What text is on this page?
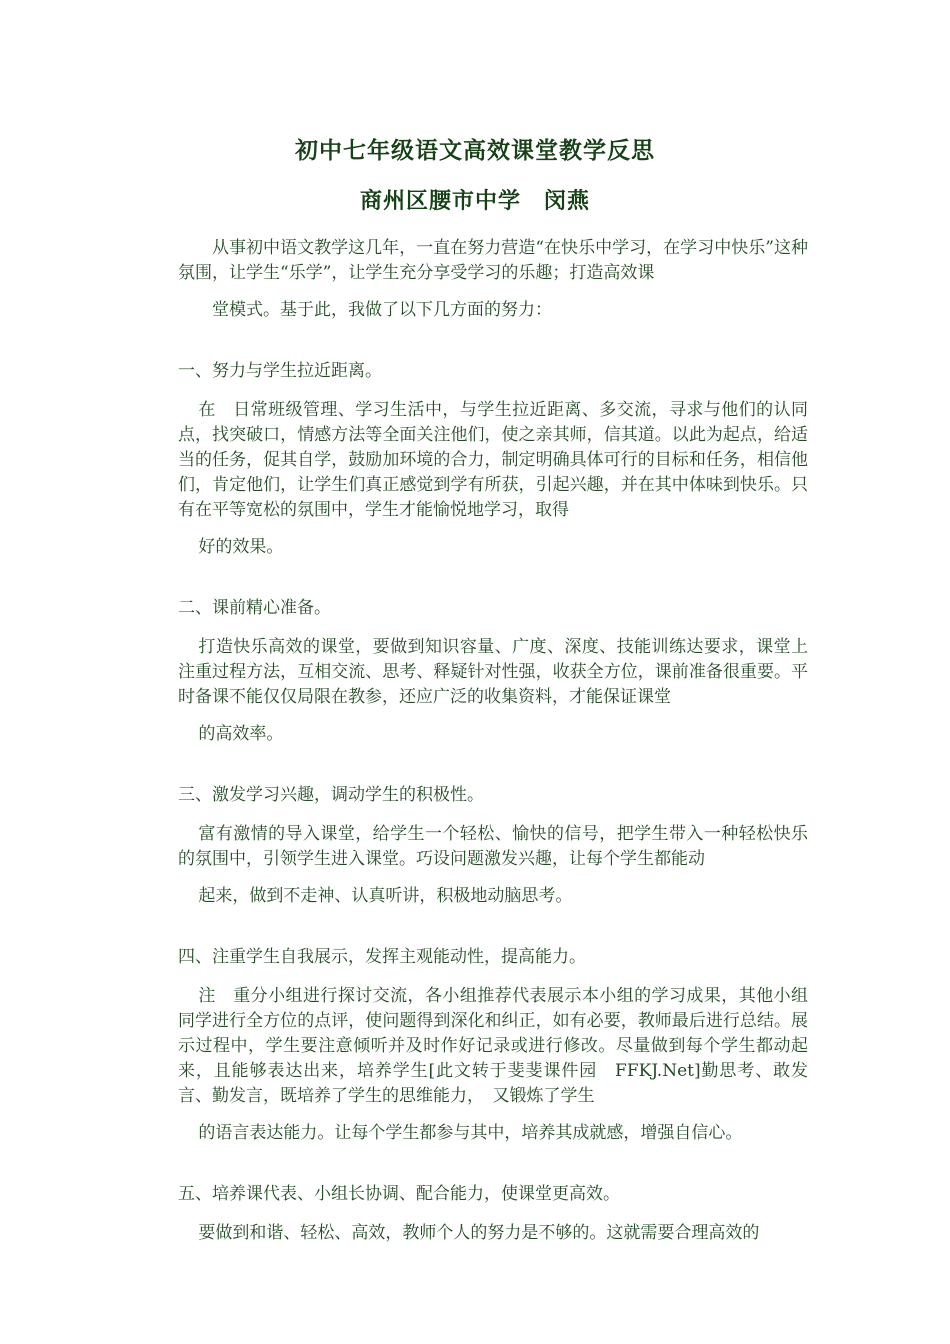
初中七年级语文高效课堂教学反思
商州区腰市中学　闵燕

从事初中语文教学这几年，一直在努力营造“在快乐中学习，在学习中快乐”这种氛围，让学生“乐学”，让学生充分享受学习的乐趣；打造高效课
堂模式。基于此，我做了以下几方面的努力：

一、努力与学生拉近距离。

在　日常班级管理、学习生活中，与学生拉近距离、多交流，寻求与他们的认同点，找突破口，情感方法等全面关注他们，使之亲其师，信其道。以此为起点，给适当的任务，促其自学，鼓励加环境的合力，制定明确具体可行的目标和任务，相信他们，肯定他们，让学生们真正感觉到学有所获，引起兴趣，并在其中体味到快乐。只有在平等宽松的氛围中，学生才能愉悦地学习，取得
好的效果。

二、课前精心准备。

打造快乐高效的课堂，要做到知识容量、广度、深度、技能训练达要求，课堂上注重过程方法，互相交流、思考、释疑针对性强，收获全方位，课前准备很重要。平时备课不能仅仅局限在教参，还应广泛的收集资料，才能保证课堂
的高效率。

三、激发学习兴趣，调动学生的积极性。

富有激情的导入课堂，给学生一个轻松、愉快的信号，把学生带入一种轻松快乐的氛围中，引领学生进入课堂。巧设问题激发兴趣，让每个学生都能动
起来，做到不走神、认真听讲，积极地动脑思考。

四、注重学生自我展示，发挥主观能动性，提高能力。

注　重分小组进行探讨交流，各小组推荐代表展示本小组的学习成果，其他小组同学进行全方位的点评，使问题得到深化和纠正，如有必要，教师最后进行总结。展示过程中，学生要注意倾听并及时作好记录或进行修改。尽量做到每个学生都动起来，且能够表达出来，培养学生[此文转于斐斐课件园　FFKJ.Net]勤思考、敢发言、勤发言，既培养了学生的思维能力，　又锻炼了学生
的语言表达能力。让每个学生都参与其中，培养其成就感，增强自信心。

五、培养课代表、小组长协调、配合能力，使课堂更高效。

要做到和谐、轻松、高效，教师个人的努力是不够的。这就需要合理高效的
